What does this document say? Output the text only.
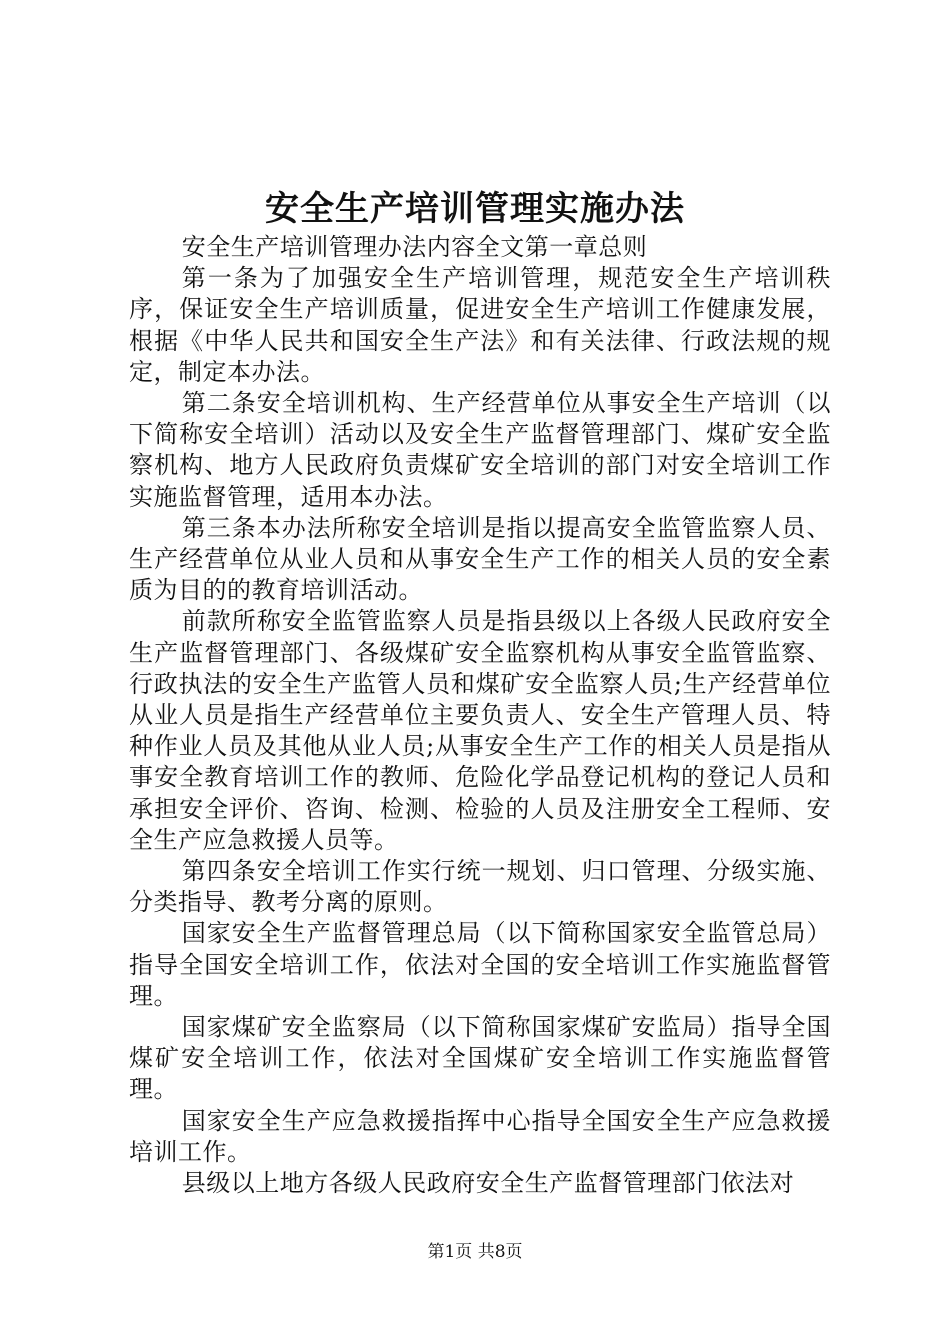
安全生产培训管理实施办法

安全生产培训管理办法内容全文第一章总则

第一条为了加强安全生产培训管理，规范安全生产培训秩序，保证安全生产培训质量，促进安全生产培训工作健康发展，根据《中华人民共和国安全生产法》和有关法律、行政法规的规定，制定本办法。

第二条安全培训机构、生产经营单位从事安全生产培训（以下简称安全培训）活动以及安全生产监督管理部门、煤矿安全监察机构、地方人民政府负责煤矿安全培训的部门对安全培训工作实施监督管理，适用本办法。

第三条本办法所称安全培训是指以提高安全监管监察人员、生产经营单位从业人员和从事安全生产工作的相关人员的安全素质为目的的教育培训活动。

前款所称安全监管监察人员是指县级以上各级人民政府安全生产监督管理部门、各级煤矿安全监察机构从事安全监管监察、行政执法的安全生产监管人员和煤矿安全监察人员;生产经营单位从业人员是指生产经营单位主要负责人、安全生产管理人员、特种作业人员及其他从业人员;从事安全生产工作的相关人员是指从事安全教育培训工作的教师、危险化学品登记机构的登记人员和承担安全评价、咨询、检测、检验的人员及注册安全工程师、安全生产应急救援人员等。

第四条安全培训工作实行统一规划、归口管理、分级实施、分类指导、教考分离的原则。

国家安全生产监督管理总局（以下简称国家安全监管总局）指导全国安全培训工作，依法对全国的安全培训工作实施监督管理。

国家煤矿安全监察局（以下简称国家煤矿安监局）指导全国煤矿安全培训工作，依法对全国煤矿安全培训工作实施监督管理。

国家安全生产应急救援指挥中心指导全国安全生产应急救援培训工作。

县级以上地方各级人民政府安全生产监督管理部门依法对

第1页 共8页
